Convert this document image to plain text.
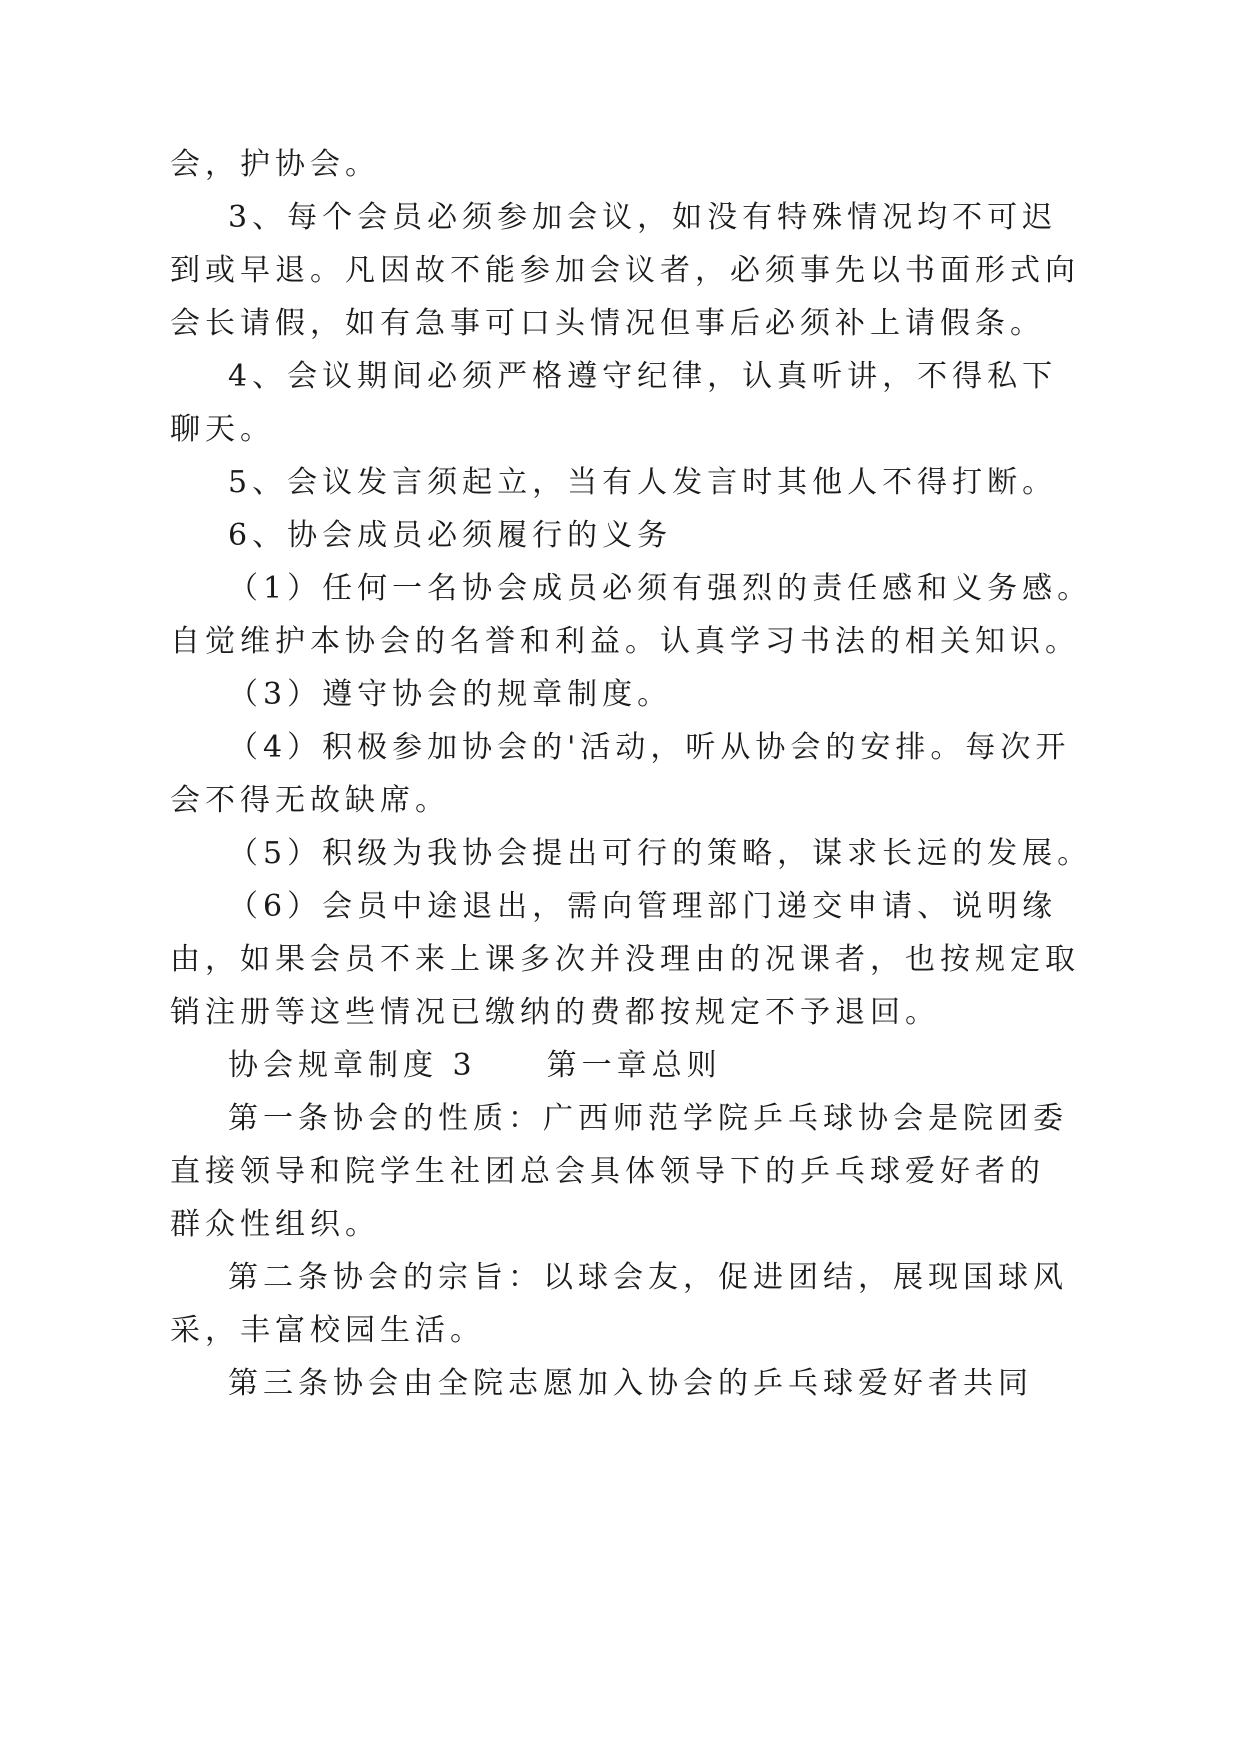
会，护协会。
3、每个会员必须参加会议，如没有特殊情况均不可迟
到或早退。凡因故不能参加会议者，必须事先以书面形式向
会长请假，如有急事可口头情况但事后必须补上请假条。
4、会议期间必须严格遵守纪律，认真听讲，不得私下
聊天。
5、会议发言须起立，当有人发言时其他人不得打断。
6、协会成员必须履行的义务
（1）任何一名协会成员必须有强烈的责任感和义务感。
自觉维护本协会的名誉和利益。认真学习书法的相关知识。
（3）遵守协会的规章制度。
（4）积极参加协会的'活动，听从协会的安排。每次开
会不得无故缺席。
（5）积级为我协会提出可行的策略，谋求长远的发展。
（6）会员中途退出，需向管理部门递交申请、说明缘
由，如果会员不来上课多次并没理由的况课者，也按规定取
销注册等这些情况已缴纳的费都按规定不予退回。
协会规章制度 3　　第一章总则
第一条协会的性质：广西师范学院乒乓球协会是院团委
直接领导和院学生社团总会具体领导下的乒乓球爱好者的
群众性组织。
第二条协会的宗旨：以球会友，促进团结，展现国球风
采，丰富校园生活。
第三条协会由全院志愿加入协会的乒乓球爱好者共同
